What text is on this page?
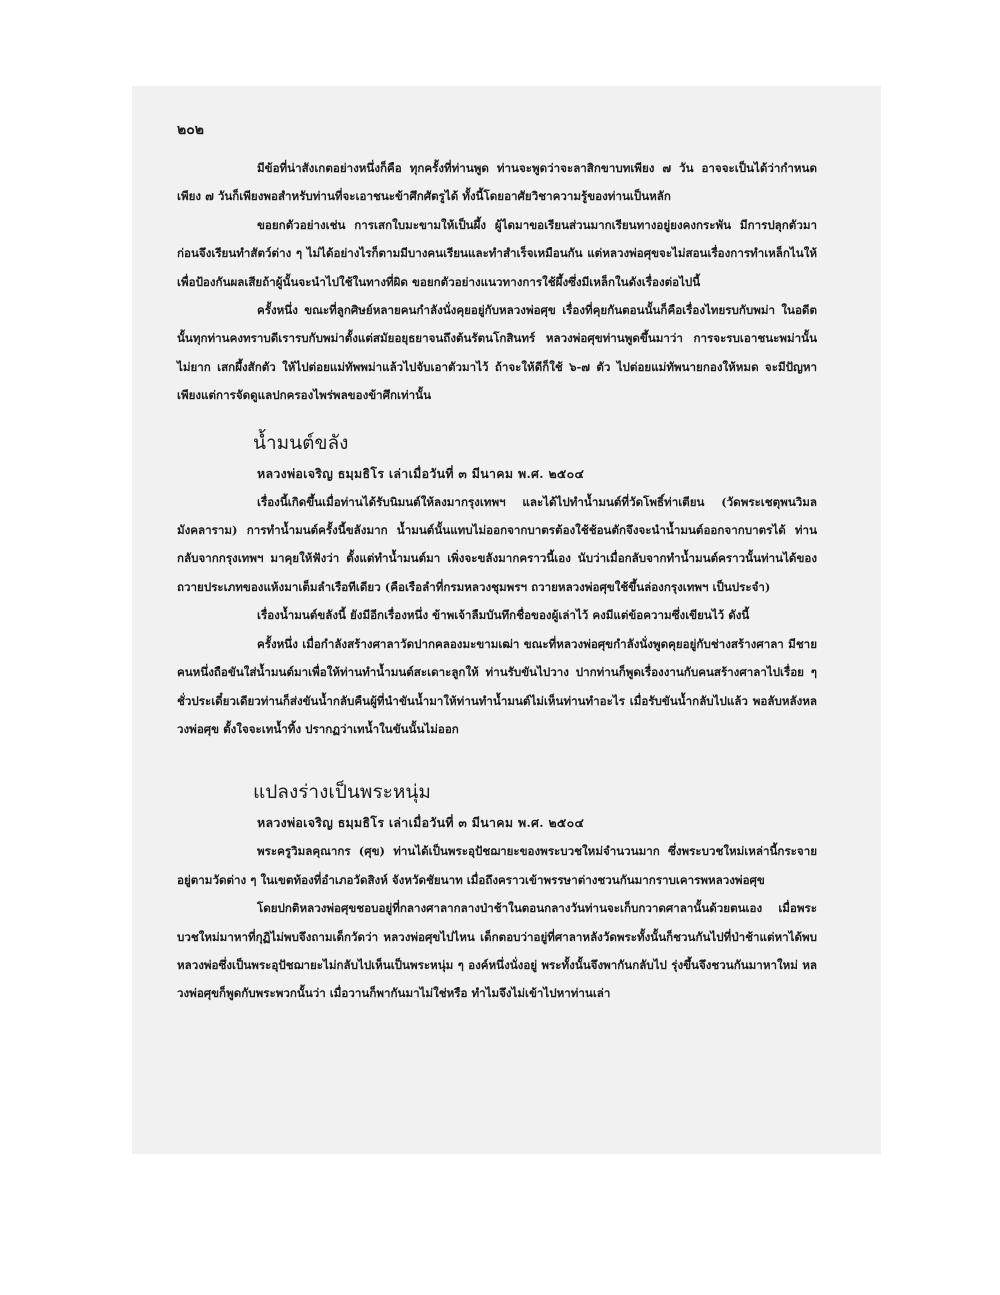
๒๐๒

มีข้อที่น่าสังเกตอย่างหนึ่งก็คือ ทุกครั้งที่ท่านพูด ท่านจะพูดว่าจะลาสิกขาบทเพียง ๗ วัน อาจจะเป็นได้ว่ากำหนดเพียง ๗ วันก็เพียงพอสำหรับท่านที่จะเอาชนะข้าศึกศัตรูได้ ทั้งนี้โดยอาศัยวิชาความรู้ของท่านเป็นหลัก

ขอยกตัวอย่างเช่น การเสกใบมะขามให้เป็นผึ้ง ผู้ไดมาขอเรียนส่วนมากเรียนทางอยู่ยงคงกระพัน มีการปลุกตัวมาก่อนจึงเรียนทำสัตว์ต่าง ๆ ไม่ได้อย่างไรก็ตามมีบางคนเรียนและทำสำเร็จเหมือนกัน แต่หลวงพ่อศุขจะไม่สอนเรื่องการทำเหล็กไนให้ เพื่อป้องกันผลเสียถ้าผู้นั้นจะนำไปใช้ในทางที่ผิด ขอยกตัวอย่างแนวทางการใช้ผึ้งซึ่งมีเหล็กในดังเรื่องต่อไปนี้

ครั้งหนึ่ง ขณะที่ลูกศิษย์หลายคนกำลังนั่งคุยอยู่กับหลวงพ่อศุข เรื่องที่คุยกันตอนนั้นก็คือเรื่องไทยรบกับพม่า ในอดีตนั้นทุกท่านคงทราบดีเรารบกับพม่าตั้งแต่สมัยอยุธยาจนถึงต้นรัตนโกสินทร์ หลวงพ่อศุขท่านพูดขึ้นมาว่า การจะรบเอาชนะพม่านั้นไม่ยาก เสกผึ้งสักตัว ให้ไปต่อยแม่ทัพพม่าแล้วไปจับเอาตัวมาไว้ ถ้าจะให้ดีก็ใช้ ๖-๗ ตัว ไปต่อยแม่ทัพนายกองให้หมด จะมีปัญหาเพียงแต่การจัดดูแลปกครองไพร่พลของข้าศึกเท่านั้น

น้ำมนต์ขลัง
หลวงพ่อเจริญ ธมฺมธิโร เล่าเมื่อวันที่ ๓ มีนาคม พ.ศ. ๒๕๐๔

เรื่องนี้เกิดขึ้นเมื่อท่านได้รับนิมนต์ให้ลงมากรุงเทพฯ และได้ไปทำน้ำมนต์ที่วัดโพธิ์ท่าเตียน (วัดพระเชตุพนวิมลมังคลาราม) การทำน้ำมนต์ครั้งนี้ขลังมาก น้ำมนต์นั้นแทบไม่ออกจากบาตรต้องใช้ช้อนตักจึงจะนำน้ำมนต์ออกจากบาตรได้ ท่านกลับจากกรุงเทพฯ มาคุยให้ฟังว่า ตั้งแต่ทำน้ำมนต์มา เพิ่งจะขลังมากคราวนี้เอง นับว่าเมื่อกลับจากทำน้ำมนต์คราวนั้นท่านได้ของถวายประเภทของแห้งมาเต็มลำเรือทีเดียว (คือเรือลำที่กรมหลวงชุมพรฯ ถวายหลวงพ่อศุขใช้ขึ้นล่องกรุงเทพฯ เป็นประจำ)

เรื่องน้ำมนต์ขลังนี้ ยังมีอีกเรื่องหนึ่ง ข้าพเจ้าลืมบันทึกชื่อของผู้เล่าไว้ คงมีแต่ข้อความซึ่งเขียนไว้ ดังนี้

ครั้งหนึ่ง เมื่อกำลังสร้างศาลาวัดปากคลองมะขามเฒ่า ขณะที่หลวงพ่อศุขกำลังนั่งพูดคุยอยู่กับช่างสร้างศาลา มีชายคนหนึ่งถือขันใส่น้ำมนต์มาเพื่อให้ท่านทำน้ำมนต์สะเดาะลูกให้ ท่านรับขันไปวาง ปากท่านก็พูดเรื่องงานกับคนสร้างศาลาไปเรื่อย ๆ ชั่วประเดี๋ยวเดียวท่านก็ส่งขันน้ำกลับคืนผู้ที่นำขันน้ำมาให้ท่านทำน้ำมนต์ไม่เห็นท่านทำอะไร เมื่อรับขันน้ำกลับไปแล้ว พอลับหลังหลวงพ่อศุข ตั้งใจจะเทน้ำทิ้ง ปรากฏว่าเทน้ำในขันนั้นไม่ออก

แปลงร่างเป็นพระหนุ่ม
หลวงพ่อเจริญ ธมฺมธิโร เล่าเมื่อวันที่ ๓ มีนาคม พ.ศ. ๒๕๐๔

พระครูวิมลคุณากร (ศุข) ท่านได้เป็นพระอุปัชฌายะของพระบวชใหม่จำนวนมาก ซึ่งพระบวชใหม่เหล่านี้กระจายอยู่ตามวัดต่าง ๆ ในเขตท้องที่อำเภอวัดสิงห์ จังหวัดชัยนาท เมื่อถึงคราวเข้าพรรษาต่างชวนกันมากราบเคารพหลวงพ่อศุข

โดยปกติหลวงพ่อศุขชอบอยู่ที่กลางศาลากลางป่าช้าในตอนกลางวันท่านจะเก็บกวาดศาลานั้นด้วยตนเอง เมื่อพระบวชใหม่มาหาที่กุฏิไม่พบจึงถามเด็กวัดว่า หลวงพ่อศุขไปไหน เด็กตอบว่าอยู่ที่ศาลาหลังวัดพระทั้งนั้นก็ชวนกันไปที่ป่าช้าแต่หาได้พบหลวงพ่อซึ่งเป็นพระอุปัชฌายะไม่กลับไปเห็นเป็นพระหนุ่ม ๆ องค์หนึ่งนั่งอยู่ พระทั้งนั้นจึงพากันกลับไป รุ่งขึ้นจึงชวนกันมาหาใหม่ หลวงพ่อศุขก็พูดกับพระพวกนั้นว่า เมื่อวานก็พากันมาไม่ใช่หรือ ทำไมจึงไม่เข้าไปหาท่านเล่า
